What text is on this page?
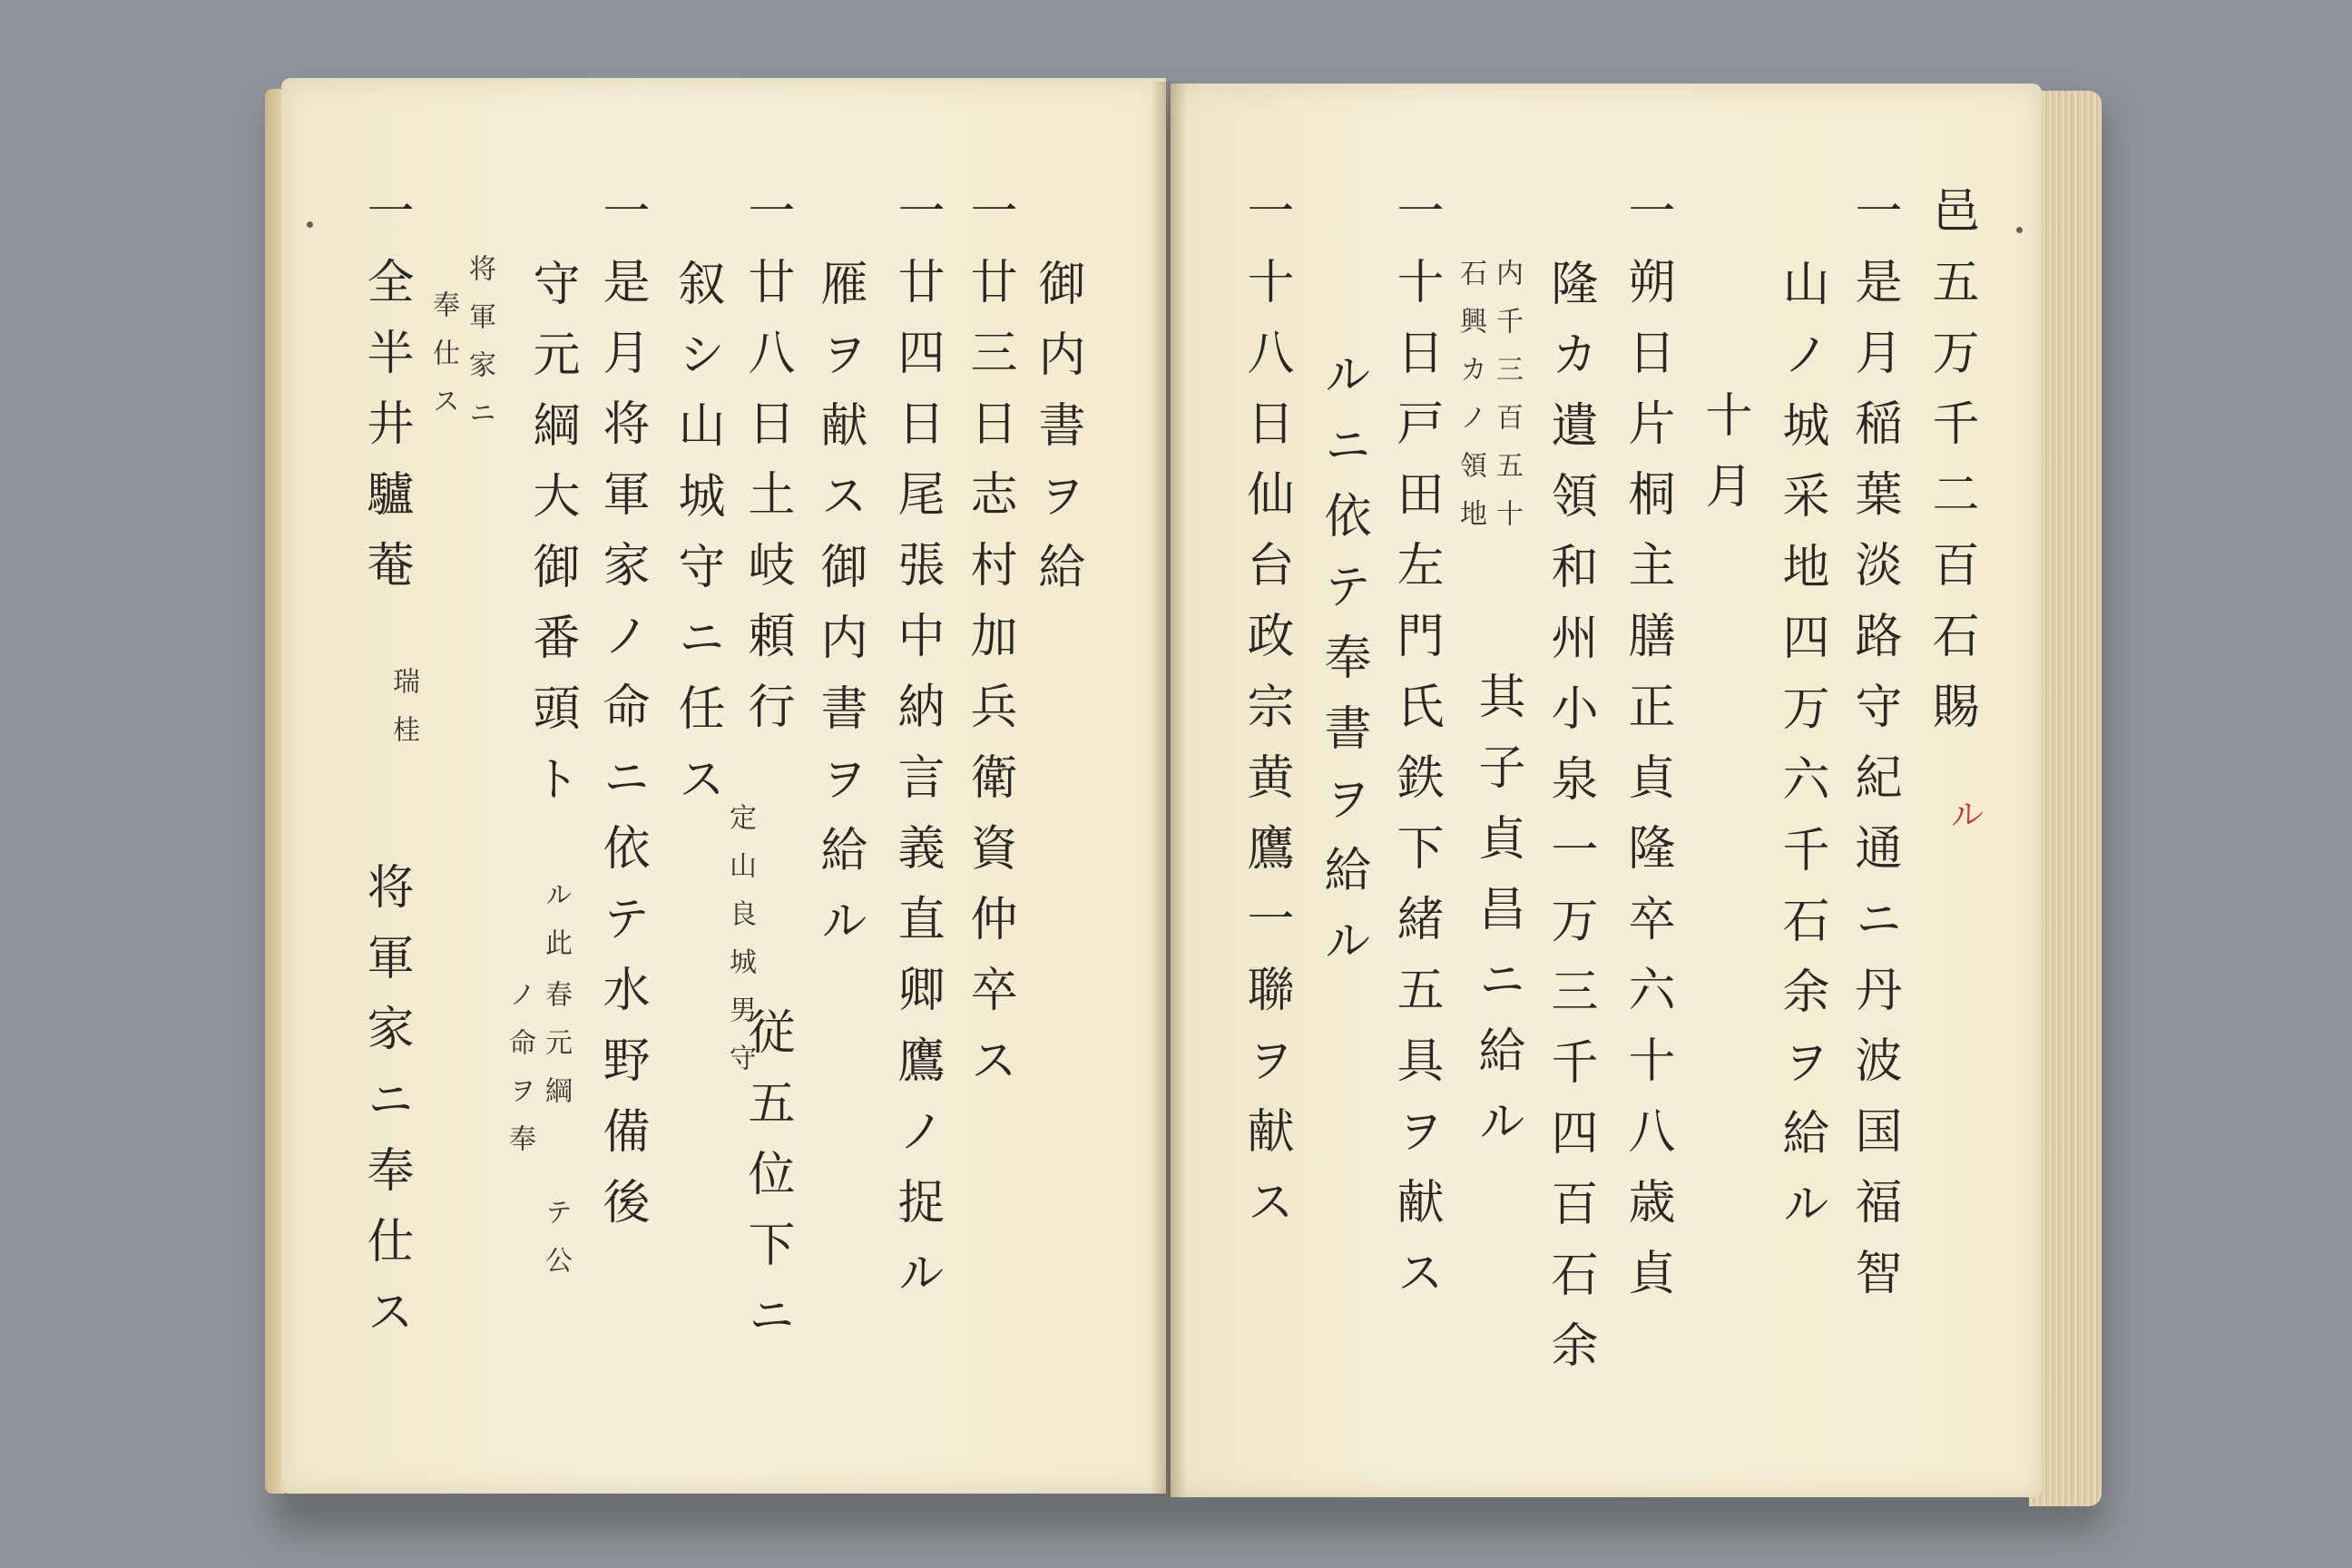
一廿三日志村加兵衛資仲卒ス 御内書ヲ給
一廿四日尾張中納言義直卿鷹ノ捉ル
雁ヲ献ス御内書ヲ給ル
一廿八日土岐頼行
従五位下ニ
叙シ山城守ニ任ス
一是月将軍家ノ命ニ依テ水野備後
守元綱大御番頭ト
一全半井驢菴
将軍家ニ奉仕ス	定山良城男守
将軍家ニ
奉仕ス
ル此
春元綱
テ公
ノ命ヲ奉
瑞桂	邑五万千二百石賜
ル
一是月稲葉淡路守紀通ニ丹波国福智
山ノ城采地四万六千石余ヲ給ル
十月
一朔日片桐主膳正貞隆卒六十八歳貞
隆カ遺領和州小泉一万三千四百石余
其子貞昌ニ給ル
一十日戸田左門氏鉄下緒五具ヲ献ス
ルニ依テ奉書ヲ給ル
一十八日仙台政宗黄鷹一聯ヲ献ス	内千三百五十
石興カノ領地
